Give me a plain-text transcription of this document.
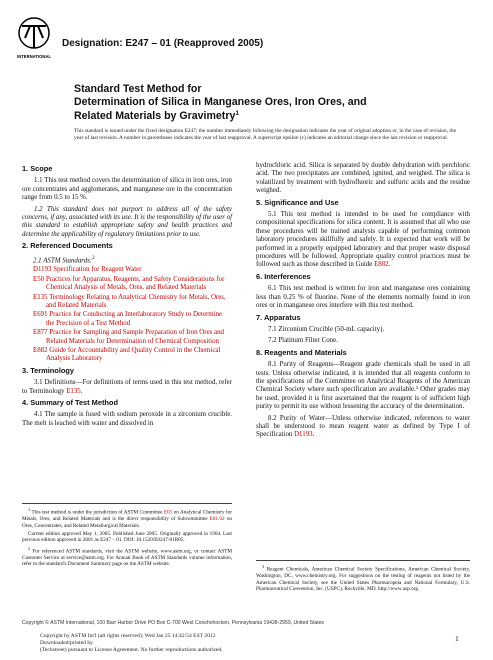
INTERNATIONAL
Designation: E247 – 01 (Reapproved 2005)
Standard Test Method for
Determination of Silica in Manganese Ores, Iron Ores, and
Related Materials by Gravimetry$^1$
This standard is issued under the fixed designation E247; the number immediately following the designation indicates the year of original adoption or, in the case of revision, the year of last revision. A number in parentheses indicates the year of last reapproval. A superscript epsilon (ε) indicates an editorial change since the last revision or reapproval.
1. Scope

1.1 This test method covers the determination of silica in iron ores, iron ore concentrates and agglomerates, and manganese ore in the concentration range from 0.5 to 15 %.

1.2 This standard does not purport to address all of the safety concerns, if any, associated with its use. It is the responsibility of the user of this standard to establish appropriate safety and health practices and determine the applicability of regulatory limitations prior to use.

2. Referenced Documents
2.1 ASTM Standards:$^2$
D1193 Specification for Reagent Water
E50 Practices for Apparatus, Reagents, and Safety Considerations for Chemical Analysis of Metals, Ores, and Related Materials
E135 Terminology Relating to Analytical Chemistry for Metals, Ores, and Related Materials
E691 Practice for Conducting an Interlaboratory Study to Determine the Precision of a Test Method
E877 Practice for Sampling and Sample Preparation of Iron Ores and Related Materials for Determination of Chemical Composition
E882 Guide for Accountability and Quality Control in the Chemical Analysis Laboratory
3. Terminology

3.1 Definitions—For definitions of terms used in this test method, refer to Terminology E135.

4. Summary of Test Method

4.1 The sample is fused with sodium peroxide in a zirconium crucible. The melt is leached with water and dissolved in

$^1$ This test method is under the jurisdiction of ASTM Committee E01 on Analytical Chemistry for Metals, Ores, and Related Materials and is the direct responsibility of Subcommittee E01.02 on Ores, Concentrates, and Related Metallurgical Materials.

Current edition approved May 1, 2005. Published June 2005. Originally approved in 1964. Last previous edition approved in 2001 as E247 – 01. DOI: 10.1520/E0247-01R05.

$^2$ For referenced ASTM standards, visit the ASTM website, www.astm.org, or contact ASTM Customer Service at service@astm.org. For Annual Book of ASTM Standards volume information, refer to the standard's Document Summary page on the ASTM website.

hydrochloric acid. Silica is separated by double dehydration with perchloric acid. The two precipitates are combined, ignited, and weighed. The silica is volatilized by treatment with hydrofluoric and sulfuric acids and the residue weighed.

5. Significance and Use

5.1 This test method is intended to be used for compliance with compositional specifications for silica content. It is assumed that all who use these procedures will be trained analysts capable of performing common laboratory procedures skillfully and safely. It is expected that work will be performed in a properly equipped laboratory and that proper waste disposal procedures will be followed. Appropriate quality control practices must be followed such as those described in Guide E882.

6. Interferences

6.1 This test method is written for iron and manganese ores containing less than 0.25 % of fluorine. None of the elements normally found in iron ores or in manganese ores interfere with this test method.

7. Apparatus

7.1 Zirconium Crucible (50-mL capacity).

7.2 Platinum Filter Cone.

8. Reagents and Materials

8.1 Purity of Reagents—Reagent grade chemicals shall be used in all tests. Unless otherwise indicated, it is intended that all reagents conform to the specifications of the Committee on Analytical Reagents of the American Chemical Society where such specification are available.³ Other grades may be used, provided it is first ascertained that the reagent is of sufficient high purity to permit its use without lessening the accuracy of the determination.

8.2 Purity of Water—Unless otherwise indicated, references to water shall be understood to mean reagent water as defined by Type I of Specification D1193.

$^3$ Reagent Chemicals, American Chemical Society Specifications, American Chemical Society, Washington, DC, www.chemistry.org. For suggestions on the testing of reagents not listed by the American Chemical Society, see the United States Pharmacopeia and National Formulary, U.S. Pharmaceutical Convention, Inc. (USPC), Rockville, MD, http://www.usp.org.
Copyright © ASTM International, 100 Barr Harbor Drive PO Box C-700 West Conshohocken, Pennsylvania 19428-2959, United States
Copyright by ASTM Int'l (all rights reserved); Wed Jan 25 14:42:54 EST 2012
Downloaded/printed by
(Techstreet) pursuant to License Agreement. No further reproductions authorized.
1
